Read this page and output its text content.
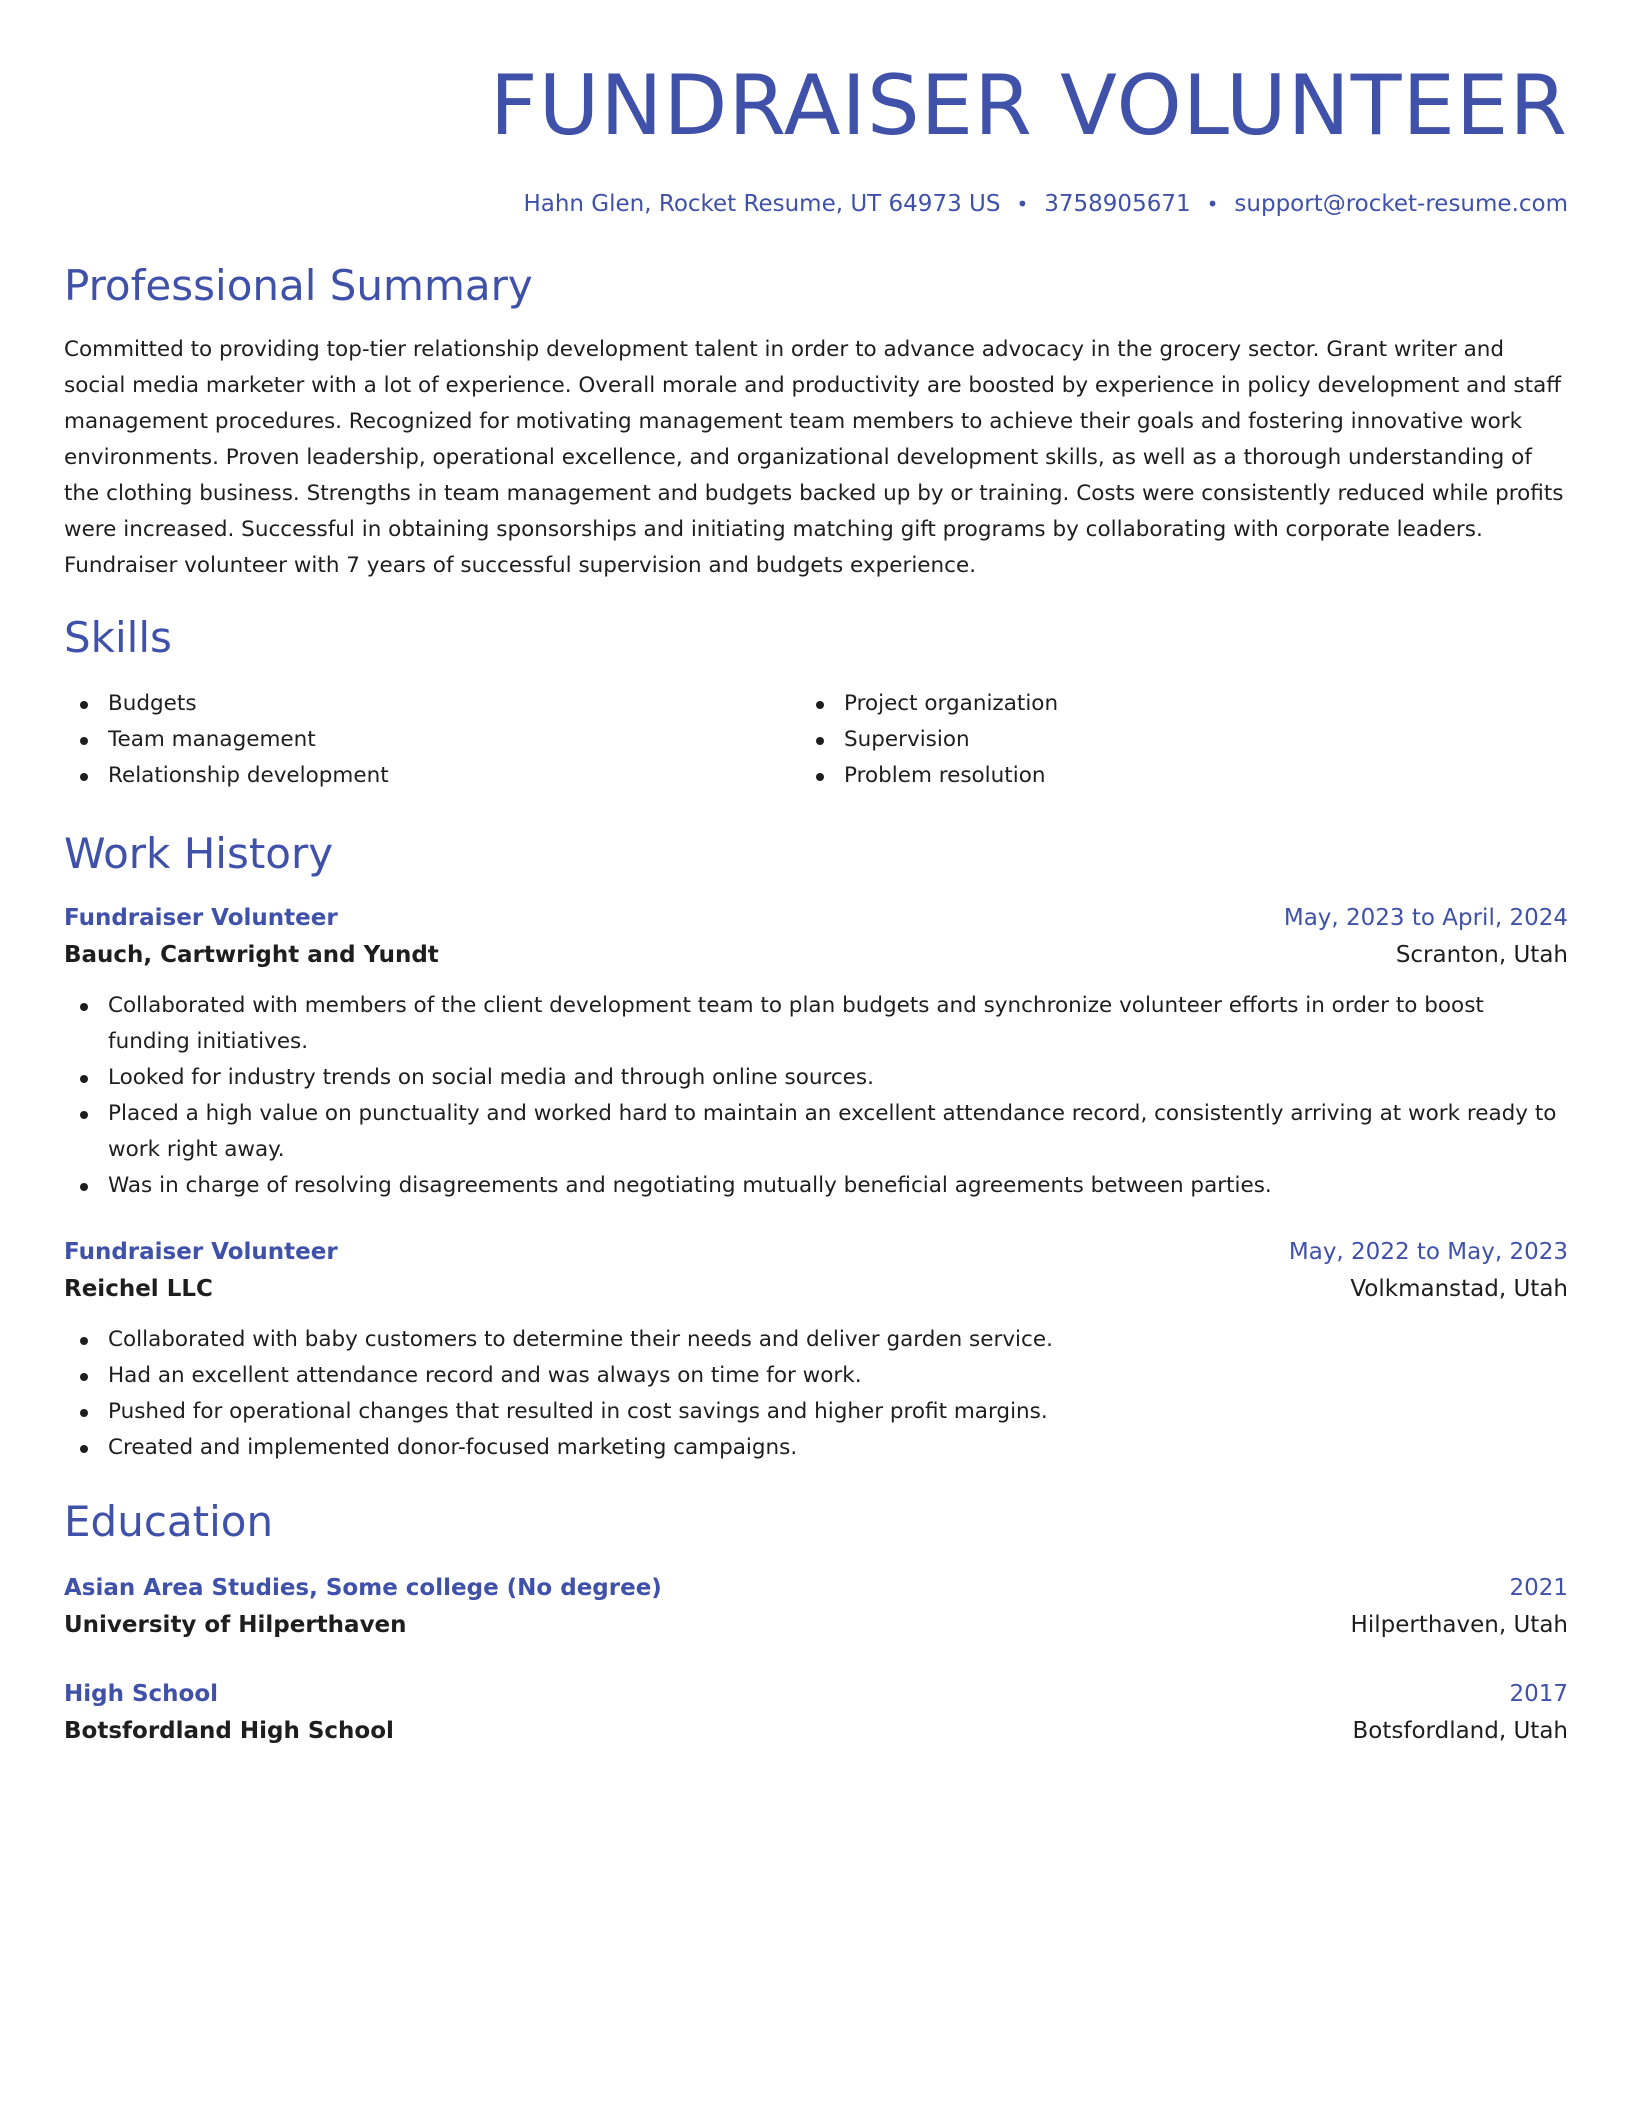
FUNDRAISER VOLUNTEER
Hahn Glen, Rocket Resume, UT 64973 US • 3758905671 • support@rocket-resume.com
Professional Summary
Committed to providing top-tier relationship development talent in order to advance advocacy in the grocery sector. Grant writer and social media marketer with a lot of experience. Overall morale and productivity are boosted by experience in policy development and staff management procedures. Recognized for motivating management team members to achieve their goals and fostering innovative work environments. Proven leadership, operational excellence, and organizational development skills, as well as a thorough understanding of the clothing business. Strengths in team management and budgets backed up by or training. Costs were consistently reduced while profits were increased. Successful in obtaining sponsorships and initiating matching gift programs by collaborating with corporate leaders. Fundraiser volunteer with 7 years of successful supervision and budgets experience.
Skills
Budgets
Team management
Relationship development
Project organization
Supervision
Problem resolution
Work History
Fundraiser Volunteer	May, 2023 to April, 2024
Bauch, Cartwright and Yundt	Scranton, Utah
Collaborated with members of the client development team to plan budgets and synchronize volunteer efforts in order to boost funding initiatives.
Looked for industry trends on social media and through online sources.
Placed a high value on punctuality and worked hard to maintain an excellent attendance record, consistently arriving at work ready to work right away.
Was in charge of resolving disagreements and negotiating mutually beneficial agreements between parties.
Fundraiser Volunteer	May, 2022 to May, 2023
Reichel LLC	Volkmanstad, Utah
Collaborated with baby customers to determine their needs and deliver garden service.
Had an excellent attendance record and was always on time for work.
Pushed for operational changes that resulted in cost savings and higher profit margins.
Created and implemented donor-focused marketing campaigns.
Education
Asian Area Studies, Some college (No degree)	2021
University of Hilperthaven	Hilperthaven, Utah
High School	2017
Botsfordland High School	Botsfordland, Utah
